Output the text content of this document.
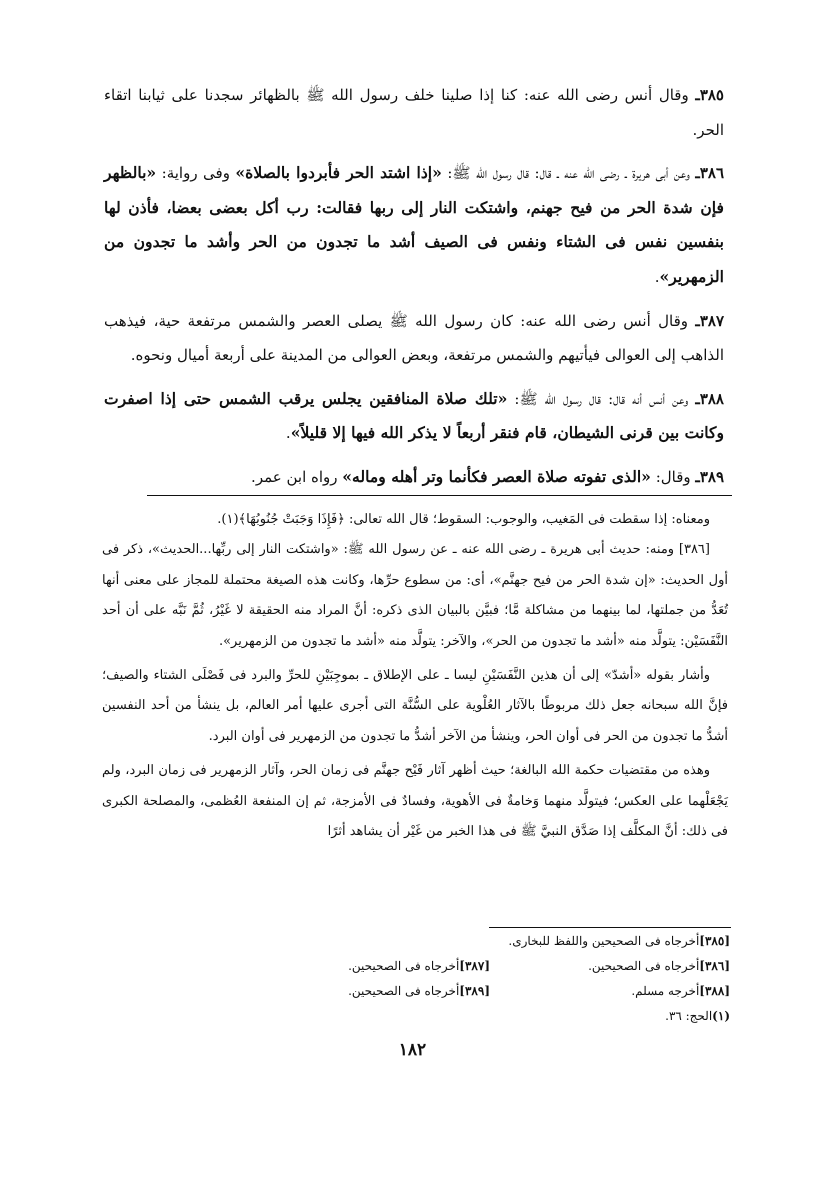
٣٨٥ـ وقال أنس رضى الله عنه: كنا إذا صلينا خلف رسول الله ﷺ بالظهائر سجدنا على ثيابنا اتقاء الحر.

٣٨٦ـ وعن أبى هريرة ـ رضى الله عنه ـ قال: قال رسول الله ﷺ: «إذا اشتد الحر فأبردوا بالصلاة» وفى رواية: «بالظهر فإن شدة الحر من فيح جهنم، واشتكت النار إلى ربها فقالت: رب أكل بعضى بعضا، فأذن لها بنفسين نفس فى الشتاء ونفس فى الصيف أشد ما تجدون من الحر وأشد ما تجدون من الزمهرير».

٣٨٧ـ وقال أنس رضى الله عنه: كان رسول الله ﷺ يصلى العصر والشمس مرتفعة حية، فيذهب الذاهب إلى العوالى فيأتيهم والشمس مرتفعة، وبعض العوالى من المدينة على أربعة أميال ونحوه.

٣٨٨ـ وعن أنس أنه قال: قال رسول الله ﷺ: «تلك صلاة المنافقين يجلس يرقب الشمس حتى إذا اصفرت وكانت بين قرنى الشيطان، قام فنقر أربعاً لا يذكر الله فيها إلا قليلاً».

٣٨٩ـ وقال: «الذى تفوته صلاة العصر فكأنما وتر أهله وماله» رواه ابن عمر.

ومعناه: إذا سقطت فى المَغيب، والوجوب: السقوط؛ قال الله تعالى: ﴿فَإِذَا وَجَبَتْ جُنُوبُهَا﴾(١).

[٣٨٦] ومنه: حديث أبى هريرة ـ رضى الله عنه ـ عن رسول الله ﷺ: «واشتكت النار إلى ربِّها...الحديث»، ذكر فى أول الحديث: «إن شدة الحر من فيح جهنَّم»، أى: من سطوع حرِّها، وكانت هذه الصيغة محتملة للمجاز على معنى أنها تُعَدُّ من جملتها، لما بينهما من مشاكلة مَّا؛ فبيَّن بالبيان الذى ذكره: أنَّ المراد منه الحقيقة لا غَيْرُ، ثُمَّ نَبَّه على أن أحد النَّفَسَيْن: يتولَّد منه «أشد ما تجدون من الحر»، والآخر: يتولَّد منه «أشد ما تجدون من الزمهرير».

وأشار بقوله «أشدّ» إلى أن هذين النَّفَسَيْنِ ليسا ـ على الإطلاق ـ بموجِبَيْنِ للحرِّ والبرد فى فَصْلَى الشتاء والصيف؛ فإنَّ الله سبحانه جعل ذلك مربوطًا بالآثار العُلْوية على السُّنَّة التى أجرى عليها أمر العالم، بل ينشأ من أحد النفسين أشدُّ ما تجدون من الحر فى أوان الحر، وينشأ من الآخر أشدُّ ما تجدون من الزمهرير فى أوان البرد.

وهذه من مقتضيات حكمة الله البالغة؛ حيث أظهر آثار فَيْح جهنَّم فى زمان الحر، وآثار الزمهرير فى زمان البرد، ولم يَجْعَلْهما على العكس؛ فيتولَّد منهما وَخامةٌ فى الأهوية، وفسادٌ فى الأمزجة، ثم إن المنفعة العُظمى، والمصلحة الكبرى فى ذلك: أنَّ المكلَّف إذا صَدَّق النبيَّ ﷺ فى هذا الخبر من غَيْر أن يشاهد أثرًا

[٣٨٥]أخرجاه فى الصحيحين واللفظ للبخارى.
[٣٨٦]أخرجاه فى الصحيحين.
[٣٨٧]أخرجاه فى الصحيحين.
[٣٨٨]أخرجه مسلم.
[٣٨٩]أخرجاه فى الصحيحين.
(١)الحج: ٣٦.
١٨٢
